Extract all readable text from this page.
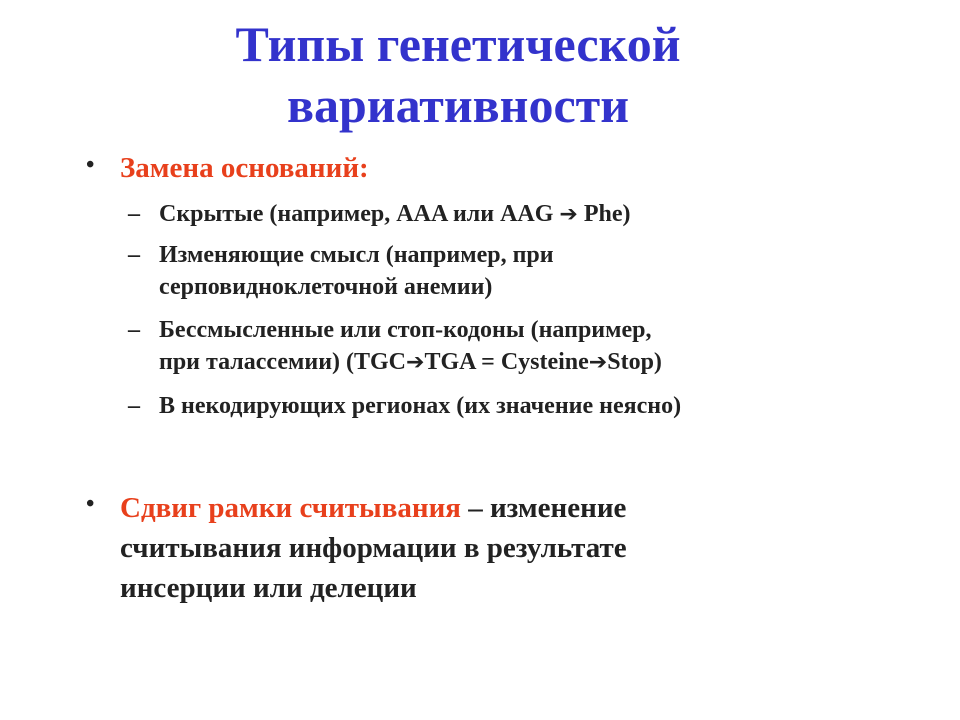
Типы генетической
вариативности
• Замена оснований:
– Скрытые (например, AAA или AAG ➔ Phe)
– Изменяющие смысл (например, при
серповидноклеточной анемии)
– Бессмысленные или стоп-кодоны (например,
при талассемии) (TGC➔TGA = Cysteine➔Stop)
– В некодирующих регионах (их значение неясно)
• Сдвиг рамки считывания – изменение
считывания информации в результате
инсерции или делеции
